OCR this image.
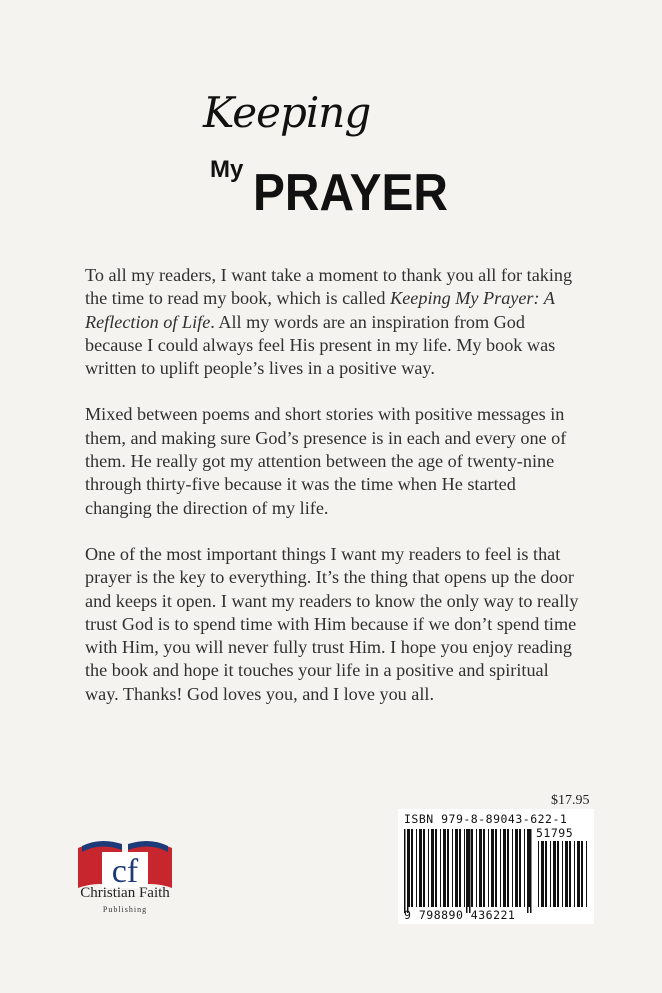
Keeping
My PRAYER

To all my readers, I want take a moment to thank you all for taking the time to read my book, which is called Keeping My Prayer: A Reflection of Life. All my words are an inspiration from God because I could always feel His present in my life. My book was written to uplift people’s lives in a positive way.

Mixed between poems and short stories with positive messages in them, and making sure God’s presence is in each and every one of them. He really got my attention between the age of twenty-nine through thirty-five because it was the time when He started changing the direction of my life.

One of the most important things I want my readers to feel is that prayer is the key to everything. It’s the thing that opens up the door and keeps it open. I want my readers to know the only way to really trust God is to spend time with Him because if we don’t spend time with Him, you will never fully trust Him. I hope you enjoy reading the book and hope it touches your life in a positive and spiritual way. Thanks! God loves you, and I love you all.

cf
Christian Faith
Publishing
$17.95
ISBN 979-8-89043-622-1
51795
9 798890 436221
